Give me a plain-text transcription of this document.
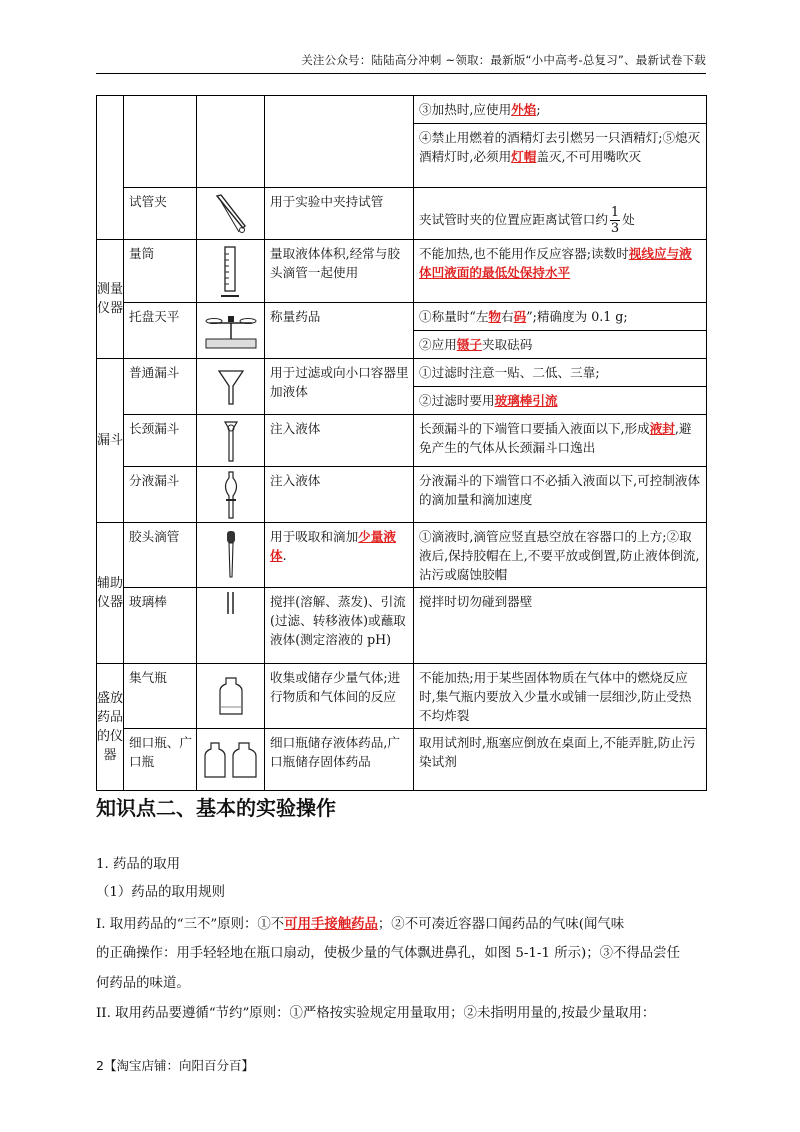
关注公众号：陆陆高分冲刺 ~领取：最新版“小中高考-总复习”、最新试卷下载

				③加热时,应使用外焰;
④禁止用燃着的酒精灯去引燃另一只酒精灯;⑤熄灭酒精灯时,必须用灯帽盖灭,不可用嘴吹灭

	试管夹		用于实验中夹持试管	夹试管时夹的位置应距离试管口约 $\frac{1}{3}$ 处
测量仪器	量筒		量取液体体积,经常与胶头滴管一起使用	不能加热,也不能用作反应容器;读数时视线应与液体凹液面的最低处保持水平
	托盘天平		称量药品	①称量时“左物右码”;精确度为 0.1 g;
②应用镊子夹取砝码

漏斗	普通漏斗		用于过滤或向小口容器里加液体	①过滤时注意一贴、二低、三靠;
②过滤时要用玻璃棒引流

	长颈漏斗		注入液体	长颈漏斗的下端管口要插入液面以下,形成液封,避免产生的气体从长颈漏斗口逸出
	分液漏斗		注入液体	分液漏斗的下端管口不必插入液面以下,可控制液体的滴加量和滴加速度
辅助仪器	胶头滴管		用于吸取和滴加少量液体.	①滴液时,滴管应竖直悬空放在容器口的上方;②取液后,保持胶帽在上,不要平放或倒置,防止液体倒流,沾污或腐蚀胶帽
	玻璃棒		搅拌(溶解、蒸发)、引流(过滤、转移液体)或蘸取液体(测定溶液的 pH)	搅拌时切勿碰到器壁
盛放药品的仪器	集气瓶		收集或储存少量气体;进行物质和气体间的反应	不能加热;用于某些固体物质在气体中的燃烧反应时,集气瓶内要放入少量水或铺一层细沙,防止受热不均炸裂
	细口瓶、广口瓶		细口瓶储存液体药品,广口瓶储存固体药品	取用试剂时,瓶塞应倒放在桌面上,不能弄脏,防止污染试剂
知识点二、基本的实验操作
1. 药品的取用
（1）药品的取用规则
I. 取用药品的“三不”原则：①不可用手接触药品；②不可凑近容器口闻药品的气味(闻气味
的正确操作：用手轻轻地在瓶口扇动，使极少量的气体飘进鼻孔，如图 5-1-1 所示)；③不得品尝任
何药品的味道。
II. 取用药品要遵循“节约”原则：①严格按实验规定用量取用；②未指明用量的,按最少量取用：
2【淘宝店铺：向阳百分百】
